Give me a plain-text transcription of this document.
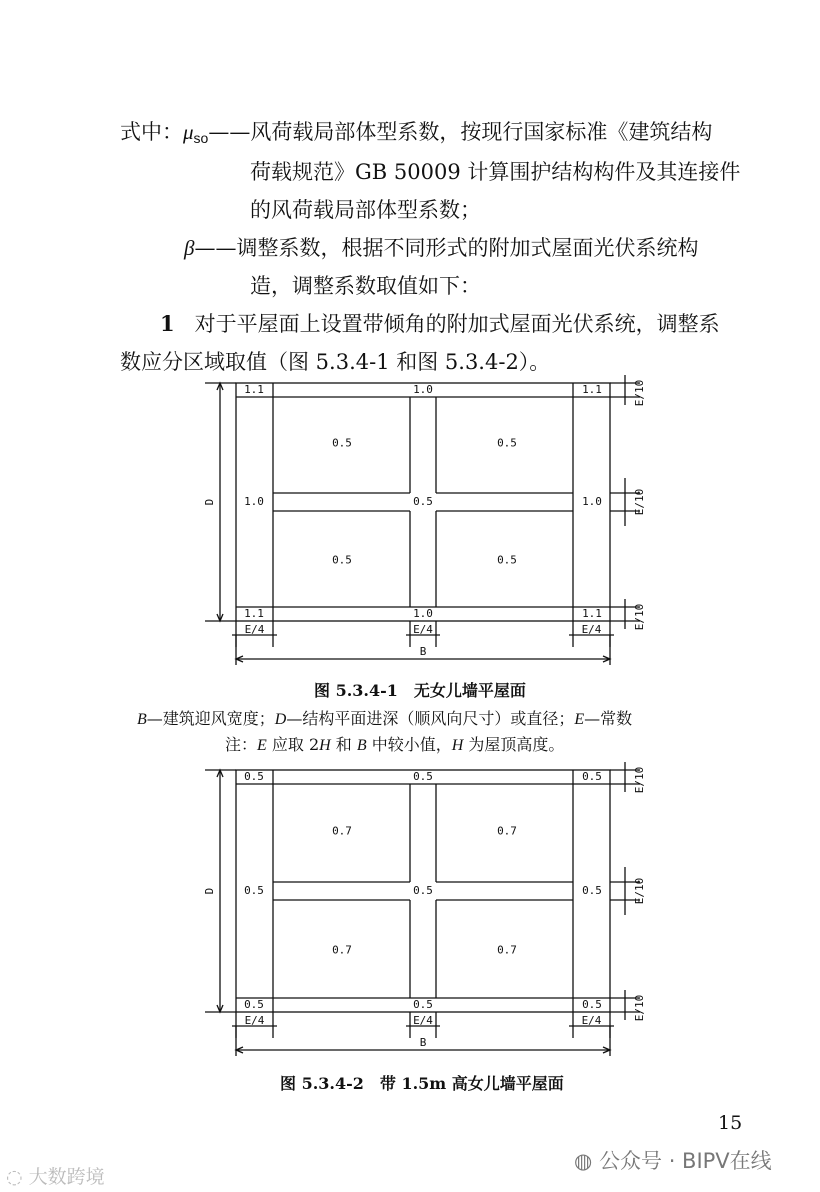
式中：$\mu_{so}——$风荷载局部体型系数，按现行国家标准《建筑结构
荷载规范》GB 50009 计算围护结构构件及其连接件
的风荷载局部体型系数；
β——调整系数，根据不同形式的附加式屋面光伏系统构
造，调整系数取值如下：
1 对于平屋面上设置带倾角的附加式屋面光伏系统，调整系
数应分区域取值（图 5.3.4-1 和图 5.3.4-2）。
1.1	1.1
1.1	1.1
1.0
1.0
1.0	1.0
0.5
0.5	0.5
0.5	0.5
D
E/10
E/10
E/10
E/4	E/4	E/4
B
0.5	0.5
0.5	0.5
0.5
0.5
0.5	0.5
0.5
0.7	0.7
0.7	0.7
D
E/10
E/10
E/10
E/4	E/4	E/4
B
图 5.3.4-1　无女儿墙平屋面
B—建筑迎风宽度；D—结构平面进深（顺风向尺寸）或直径；E—常数
注：E 应取 2H 和 B 中较小值，H 为屋顶高度。
图 5.3.4-2　带 1.5m 高女儿墙平屋面
15
◍ 公众号 · BIPV在线
◌ 大数跨境
